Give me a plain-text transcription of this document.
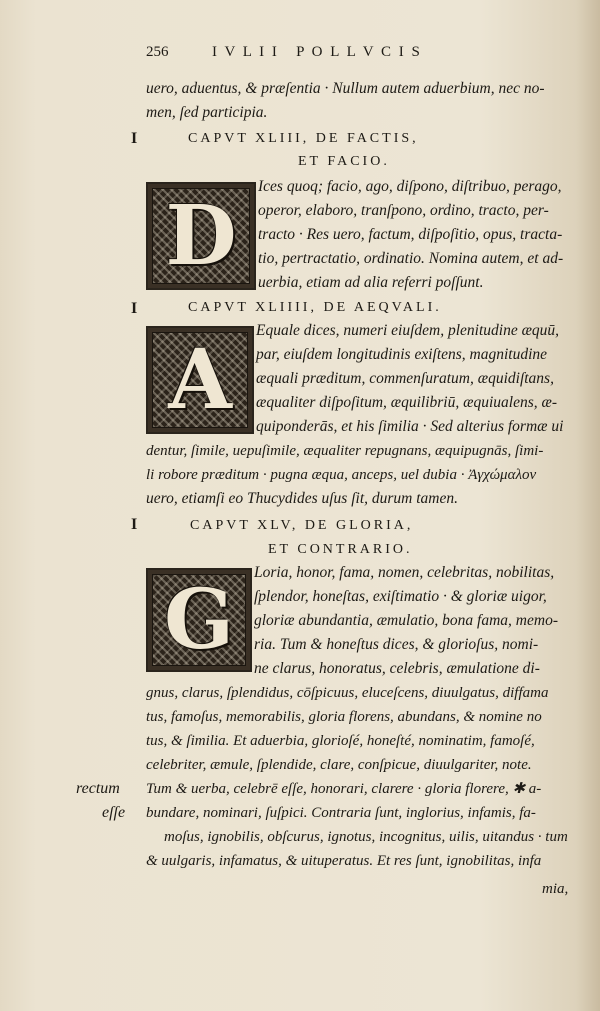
256	I V L I I   P O L L V C I S
uero, aduentus, & præſentia · Nullum autem aduerbium, nec no-
men, ſed participia.
I	CAPVT XLIII, DE FACTIS,
ET FACIO.
D
Ices quoq; facio, ago, diſpono, diſtribuo, perago,
operor, elaboro, tranſpono, ordino, tracto, per-
tracto · Res uero, factum, diſpoſitio, opus, tracta-
tio, pertractatio, ordinatio. Nomina autem, et ad-
uerbia, etiam ad alia referri poſſunt.
I	CAPVT XLIIII, DE AEQVALI.
A
Equale dices, numeri eiuſdem, plenitudine æquū,
par, eiuſdem longitudinis exiſtens, magnitudine
æquali præditum, commenſuratum, æquidiſtans,
æqualiter diſpoſitum, æquilibriū, æquiualens, æ-
quiponderās, et his ſimilia · Sed alterius formæ ui
dentur, ſimile, uериſimile, æqualiter repugnans, æquipugnās, ſimi-
li robore præditum · pugna æqua, anceps, uel dubia · Ἀγχώμαλον
uero, etiamſi eo Thucydides uſus ſit, durum tamen.
I	CAPVT XLV, DE GLORIA,
ET CONTRARIO.
G Loria, honor, fama, nomen, celebritas, nobilitas,
ſplendor, honeſtas, exiſtimatio · & gloriæ uigor,
gloriæ abundantia, æmulatio, bona fama, memo-
ria. Tum & honeſtus dices, & glorioſus, nomi-
ne clarus, honoratus, celebris, æmulatione di-
gnus, clarus, ſplendidus, cōſpicuus, eluceſcens, diuulgatus, diffama
tus, famoſus, memorabilis, gloria florens, abundans, & nomine no
tus, & ſimilia. Et aduerbia, glorioſé, honeſté, nominatim, famoſé,
celebriter, æmule, ſplendide, clare, conſpicue, diuulgariter, note.
rectum Tum & uerba, celebrē eſſe, honorari, clarere · gloria florere, ✱ a-
eſſe bundare, nominari, ſuſpici. Contraria ſunt, inglorius, infamis, fa-
moſus, ignobilis, obſcurus, ignotus, incognitus, uilis, uitandus · tum
& uulgaris, infamatus, & uituperatus. Et res ſunt, ignobilitas, infa
mia,
